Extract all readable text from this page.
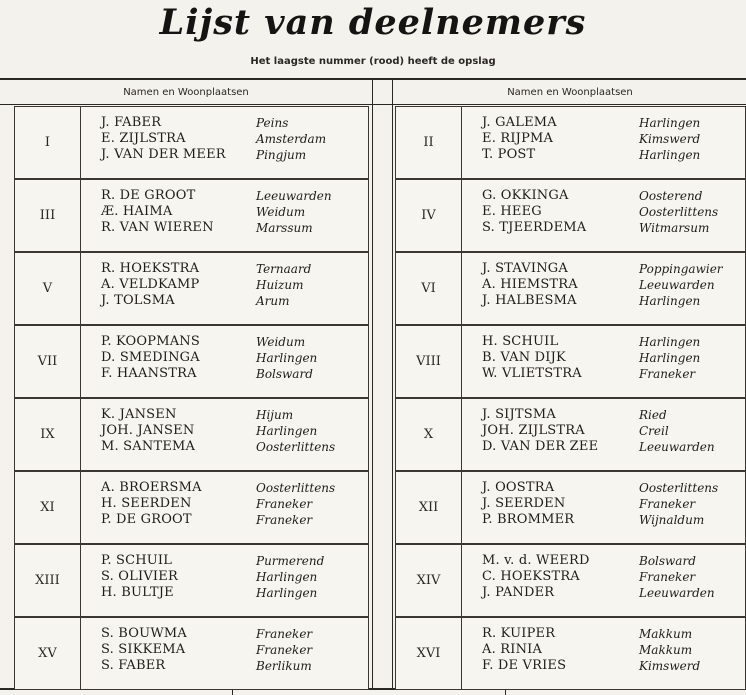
Lijst van deelnemers
Het laagste nummer (rood) heeft de opslag
Namen en Woonplaatsen	Namen en Woonplaatsen
I
J. FABER	Peins
E. ZIJLSTRA	Amsterdam
J. VAN DER MEER	Pingjum
II
J. GALEMA	Harlingen
E. RIJPMA	Kimswerd
T. POST	Harlingen
III
R. DE GROOT	Leeuwarden
Æ. HAIMA	Weidum
R. VAN WIEREN	Marssum
IV
G. OKKINGA	Oosterend
E. HEEG	Oosterlittens
S. TJEERDEMA	Witmarsum
V
R. HOEKSTRA	Ternaard
A. VELDKAMP	Huizum
J. TOLSMA	Arum
VI
J. STAVINGA	Poppingawier
A. HIEMSTRA	Leeuwarden
J. HALBESMA	Harlingen
VII
P. KOOPMANS	Weidum
D. SMEDINGA	Harlingen
F. HAANSTRA	Bolsward
VIII
H. SCHUIL	Harlingen
B. VAN DIJK	Harlingen
W. VLIETSTRA	Franeker
IX
K. JANSEN	Hijum
JOH. JANSEN	Harlingen
M. SANTEMA	Oosterlittens
X
J. SIJTSMA	Ried
JOH. ZIJLSTRA	Creil
D. VAN DER ZEE	Leeuwarden
XI
A. BROERSMA	Oosterlittens
H. SEERDEN	Franeker
P. DE GROOT	Franeker
XII
J. OOSTRA	Oosterlittens
J. SEERDEN	Franeker
P. BROMMER	Wijnaldum
XIII
P. SCHUIL	Purmerend
S. OLIVIER	Harlingen
H. BULTJE	Harlingen
XIV
M. v. d. WEERD	Bolsward
C. HOEKSTRA	Franeker
J. PANDER	Leeuwarden
XV
S. BOUWMA	Franeker
S. SIKKEMA	Franeker
S. FABER	Berlikum
XVI
R. KUIPER	Makkum
A. RINIA	Makkum
F. DE VRIES	Kimswerd
